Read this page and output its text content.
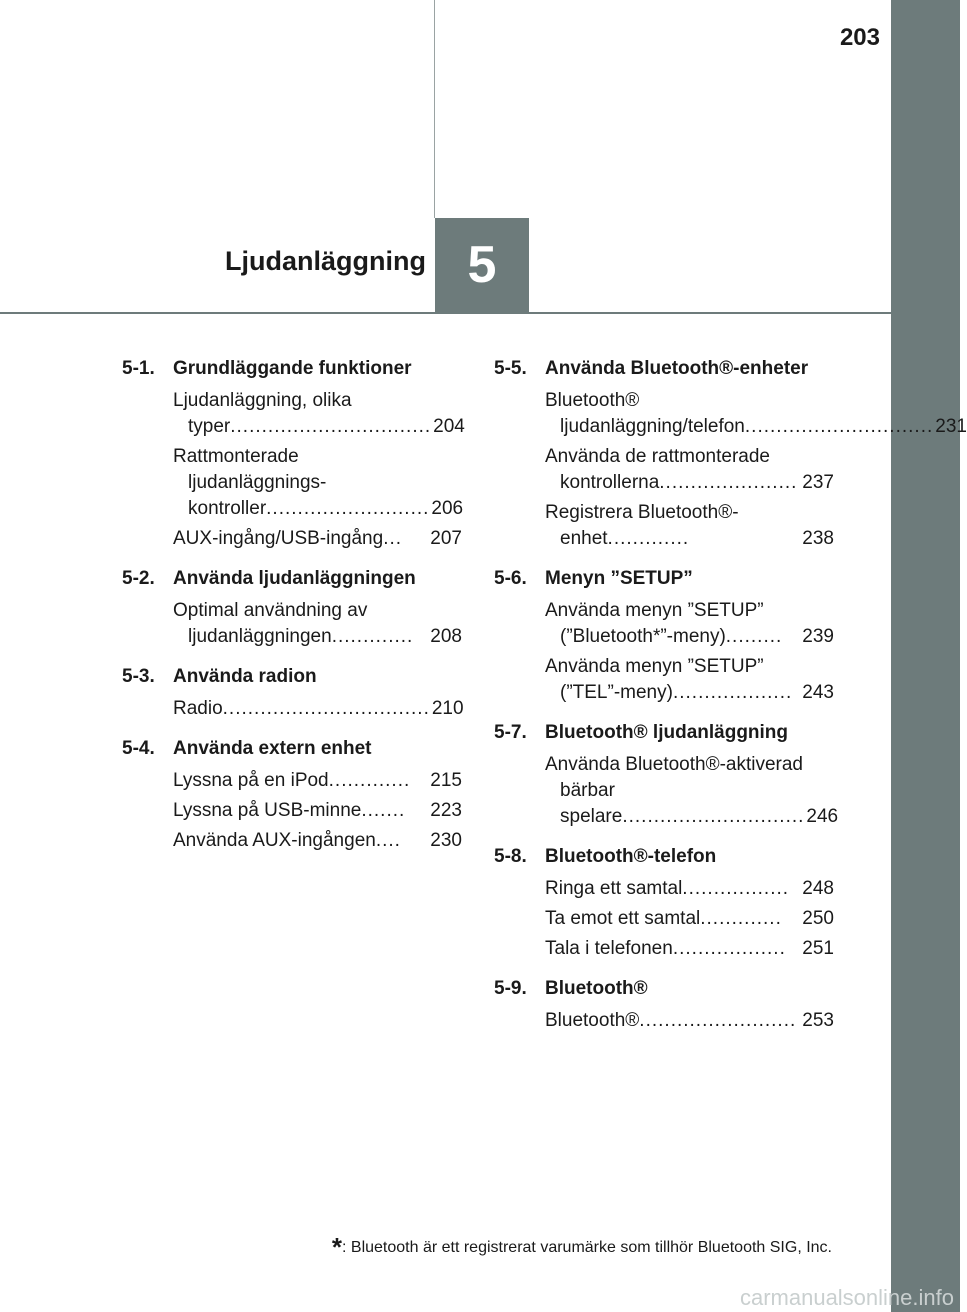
203
5
Ljudanläggning
5-1. Grundläggande funktioner
Ljudanläggning, olika typer................................ 204
Rattmonterade ljudanläggnings-kontroller.......................... 206
AUX-ingång/USB-ingång...	207
5-2. Använda ljudanläggningen
Optimal användning av ljudanläggningen............. 208
5-3. Använda radion
Radio................................. 210
5-4. Använda extern enhet
Lyssna på en iPod.............	215
Lyssna på USB-minne.......	223
Använda AUX-ingången....	230
5-5. Använda Bluetooth®-enheter
Bluetooth® ljudanläggning/telefon.............................. 231
Använda de rattmonterade kontrollerna...................... 237
Registrera Bluetooth®-enhet.............	238
5-6. Menyn ”SETUP”
Använda menyn ”SETUP” (”Bluetooth*”-meny).........	239
Använda menyn ”SETUP” (”TEL”-meny)................... 243
5-7. Bluetooth® ljudanläggning
Använda Bluetooth®-aktiverad bärbar spelare............................. 246
5-8. Bluetooth®-telefon
Ringa ett samtal................. 248
Ta emot ett samtal.............	250
Tala i telefonen.................. 251
5-9. Bluetooth®
Bluetooth®......................... 253
*: Bluetooth är ett registrerat varumärke som tillhör Bluetooth SIG, Inc.
carmanualsonline.info
